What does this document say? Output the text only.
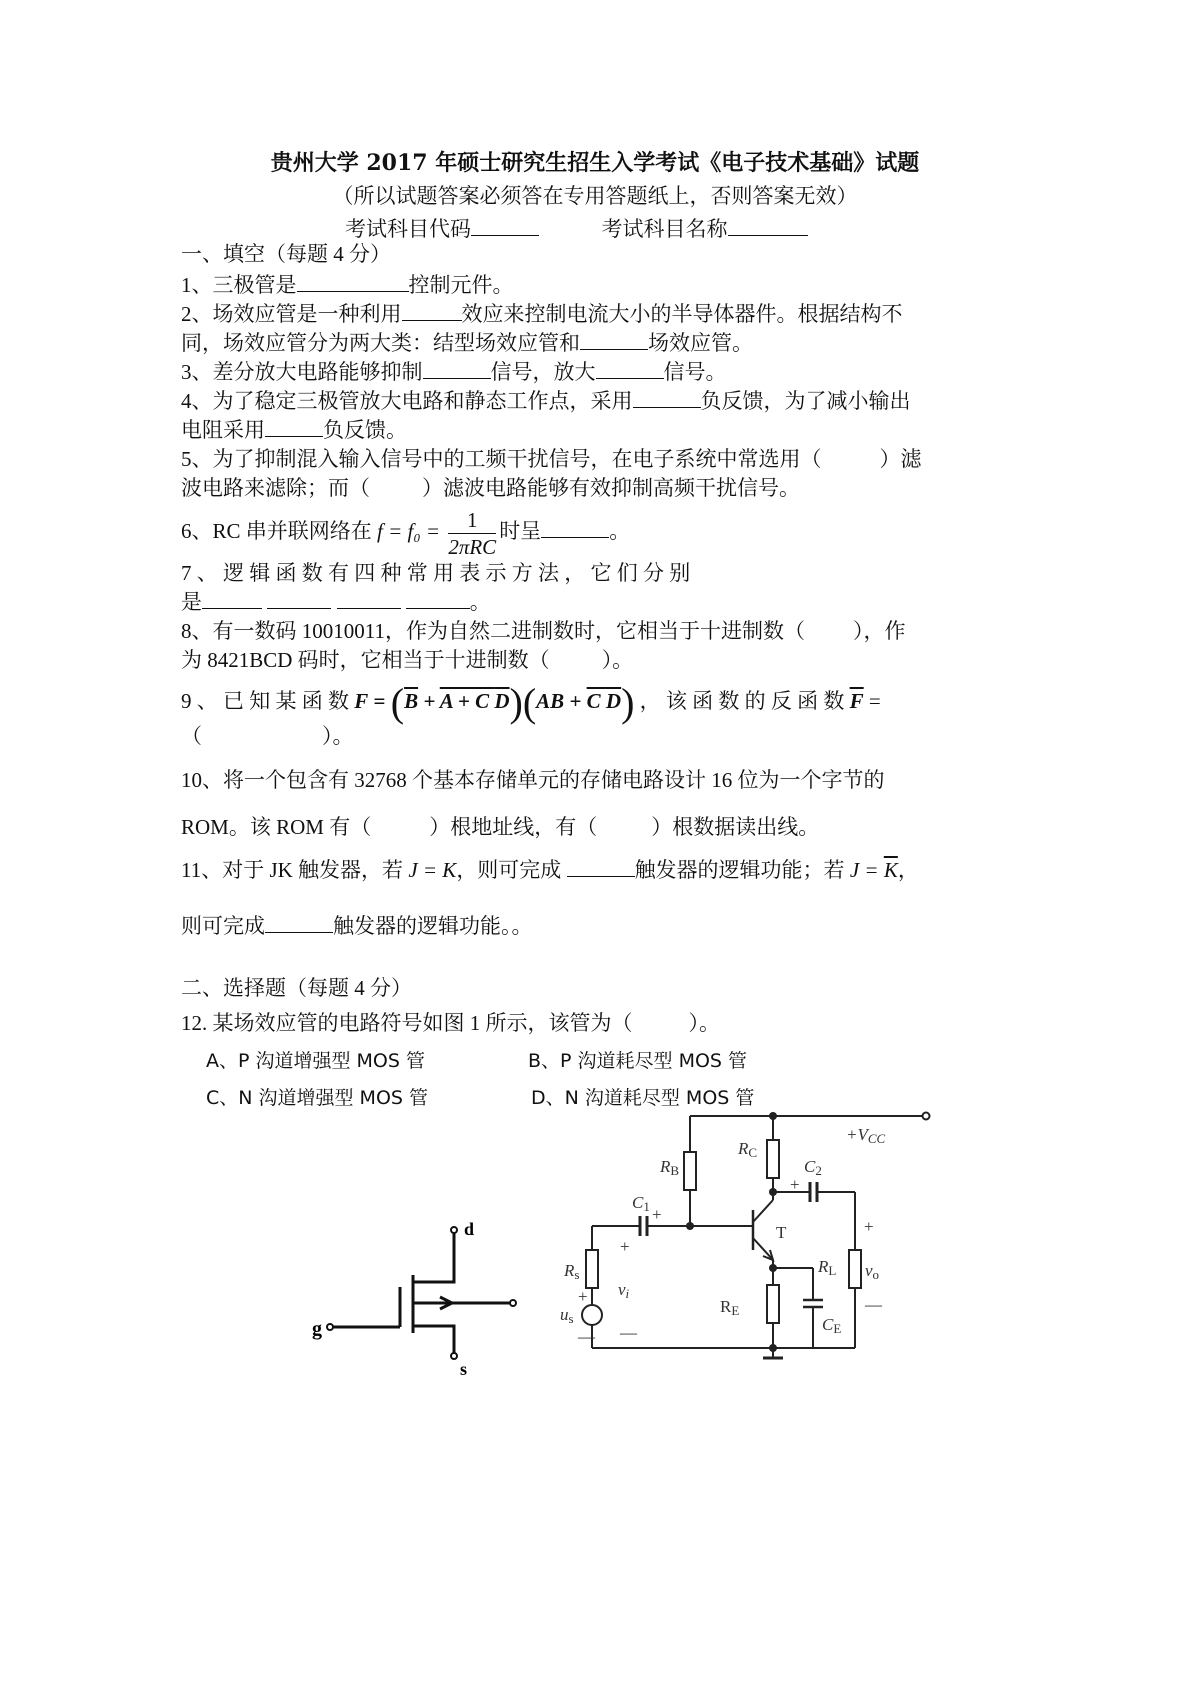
贵州大学 2017 年硕士研究生招生入学考试《电子技术基础》试题
（所以试题答案必须答在专用答题纸上，否则答案无效）
考试科目代码	考试科目名称
一、填空（每题 4 分）
1、三极管是	控制元件。
2、场效应管是一种利用	效应来控制电流大小的半导体器件。根据结构不
同，场效应管分为两大类：结型场效应管和	场效应管。
3、差分放大电路能够抑制	信号，放大	信号。
4、为了稳定三极管放大电路和静态工作点，采用	负反馈，为了减小输出
电阻采用	负反馈。
5、为了抑制混入输入信号中的工频干扰信号，在电子系统中常选用（	）滤
波电路来滤除；而（ ）滤波电路能够有效抑制高频干扰信号。
6、RC 串并联网络在 $f = f_0 = \frac{1}{\text{2πRC}}$ 时呈	。
7 、 逻 辑 函 数 有 四 种 常 用 表 示 方 法 ， 它 们 分 别
是	。
8、有一数码 10010011，作为自然二进制数时，它相当于十进制数（ ），作
为 8421BCD 码时，它相当于十进制数（ ）。
9 、 已 知 某 函 数 $F = (\overline{B} + A + C$ D)(AB + C D) ， 该 函 数 的 反 函 数 $\overline{F}$ =
（	）。
10、将一个包含有 32768 个基本存储单元的存储电路设计 16 位为一个字节的
ROM。该 ROM 有（	）根地址线，有（	）根数据读出线。
11、对于 JK 触发器，若 J = K，则可完成	触发器的逻辑功能；若 $J = \overline{K}$，
则可完成	触发器的逻辑功能。。
二、选择题（每题 4 分）
12. 某场效应管的电路符号如图 1 所示，该管为（	）。
A、P 沟道增强型 MOS 管	B、P 沟道耗尽型 MOS 管
C、N 沟道增强型 MOS 管	D、N 沟道耗尽型 MOS 管
d
g
s
+VCC
RB
RC
C2
C1
T
Rs
us
vi
RE
RL
CE
vo
+
+
+
+
+
— —
—
